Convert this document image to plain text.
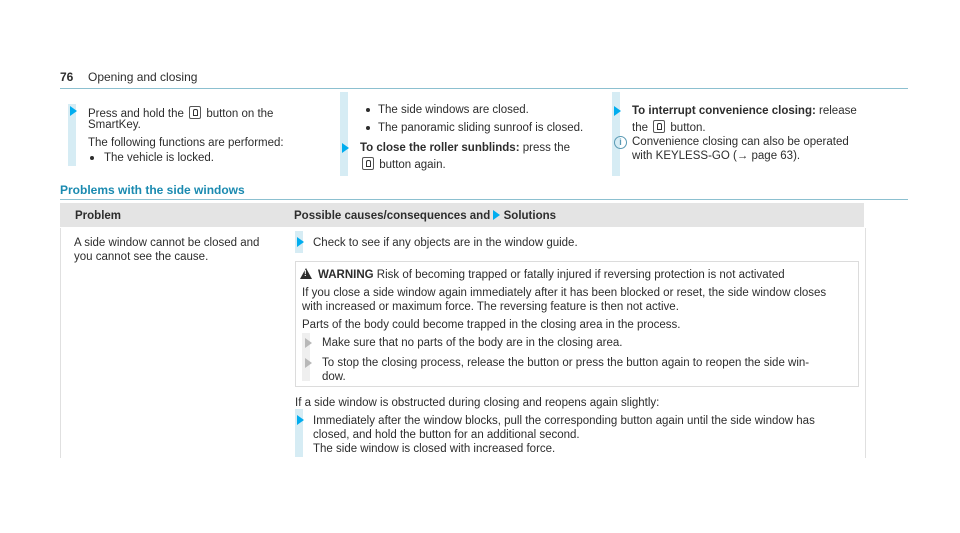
76 Opening and closing
Press and hold the button on the
SmartKey.
The following functions are performed:
The vehicle is locked.
The side windows are closed.
The panoramic sliding sunroof is closed.
To close the roller sunblinds: press the
button again.
To interrupt convenience closing: release
the button.
i Convenience closing can also be operated
with KEYLESS-GO (→ page 63).
Problems with the side windows
Problem	Possible causes/consequences and Solutions
A side window cannot be closed and
you cannot see the cause.
Check to see if any objects are in the window guide.
!
WARNING Risk of becoming trapped or fatally injured if reversing protection is not activated
If you close a side window again immediately after it has been blocked or reset, the side window closes
with increased or maximum force. The reversing feature is then not active.
Parts of the body could become trapped in the closing area in the process.
Make sure that no parts of the body are in the closing area.
To stop the closing process, release the button or press the button again to reopen the side win-
dow.
If a side window is obstructed during closing and reopens again slightly:
Immediately after the window blocks, pull the corresponding button again until the side window has
closed, and hold the button for an additional second.
The side window is closed with increased force.
